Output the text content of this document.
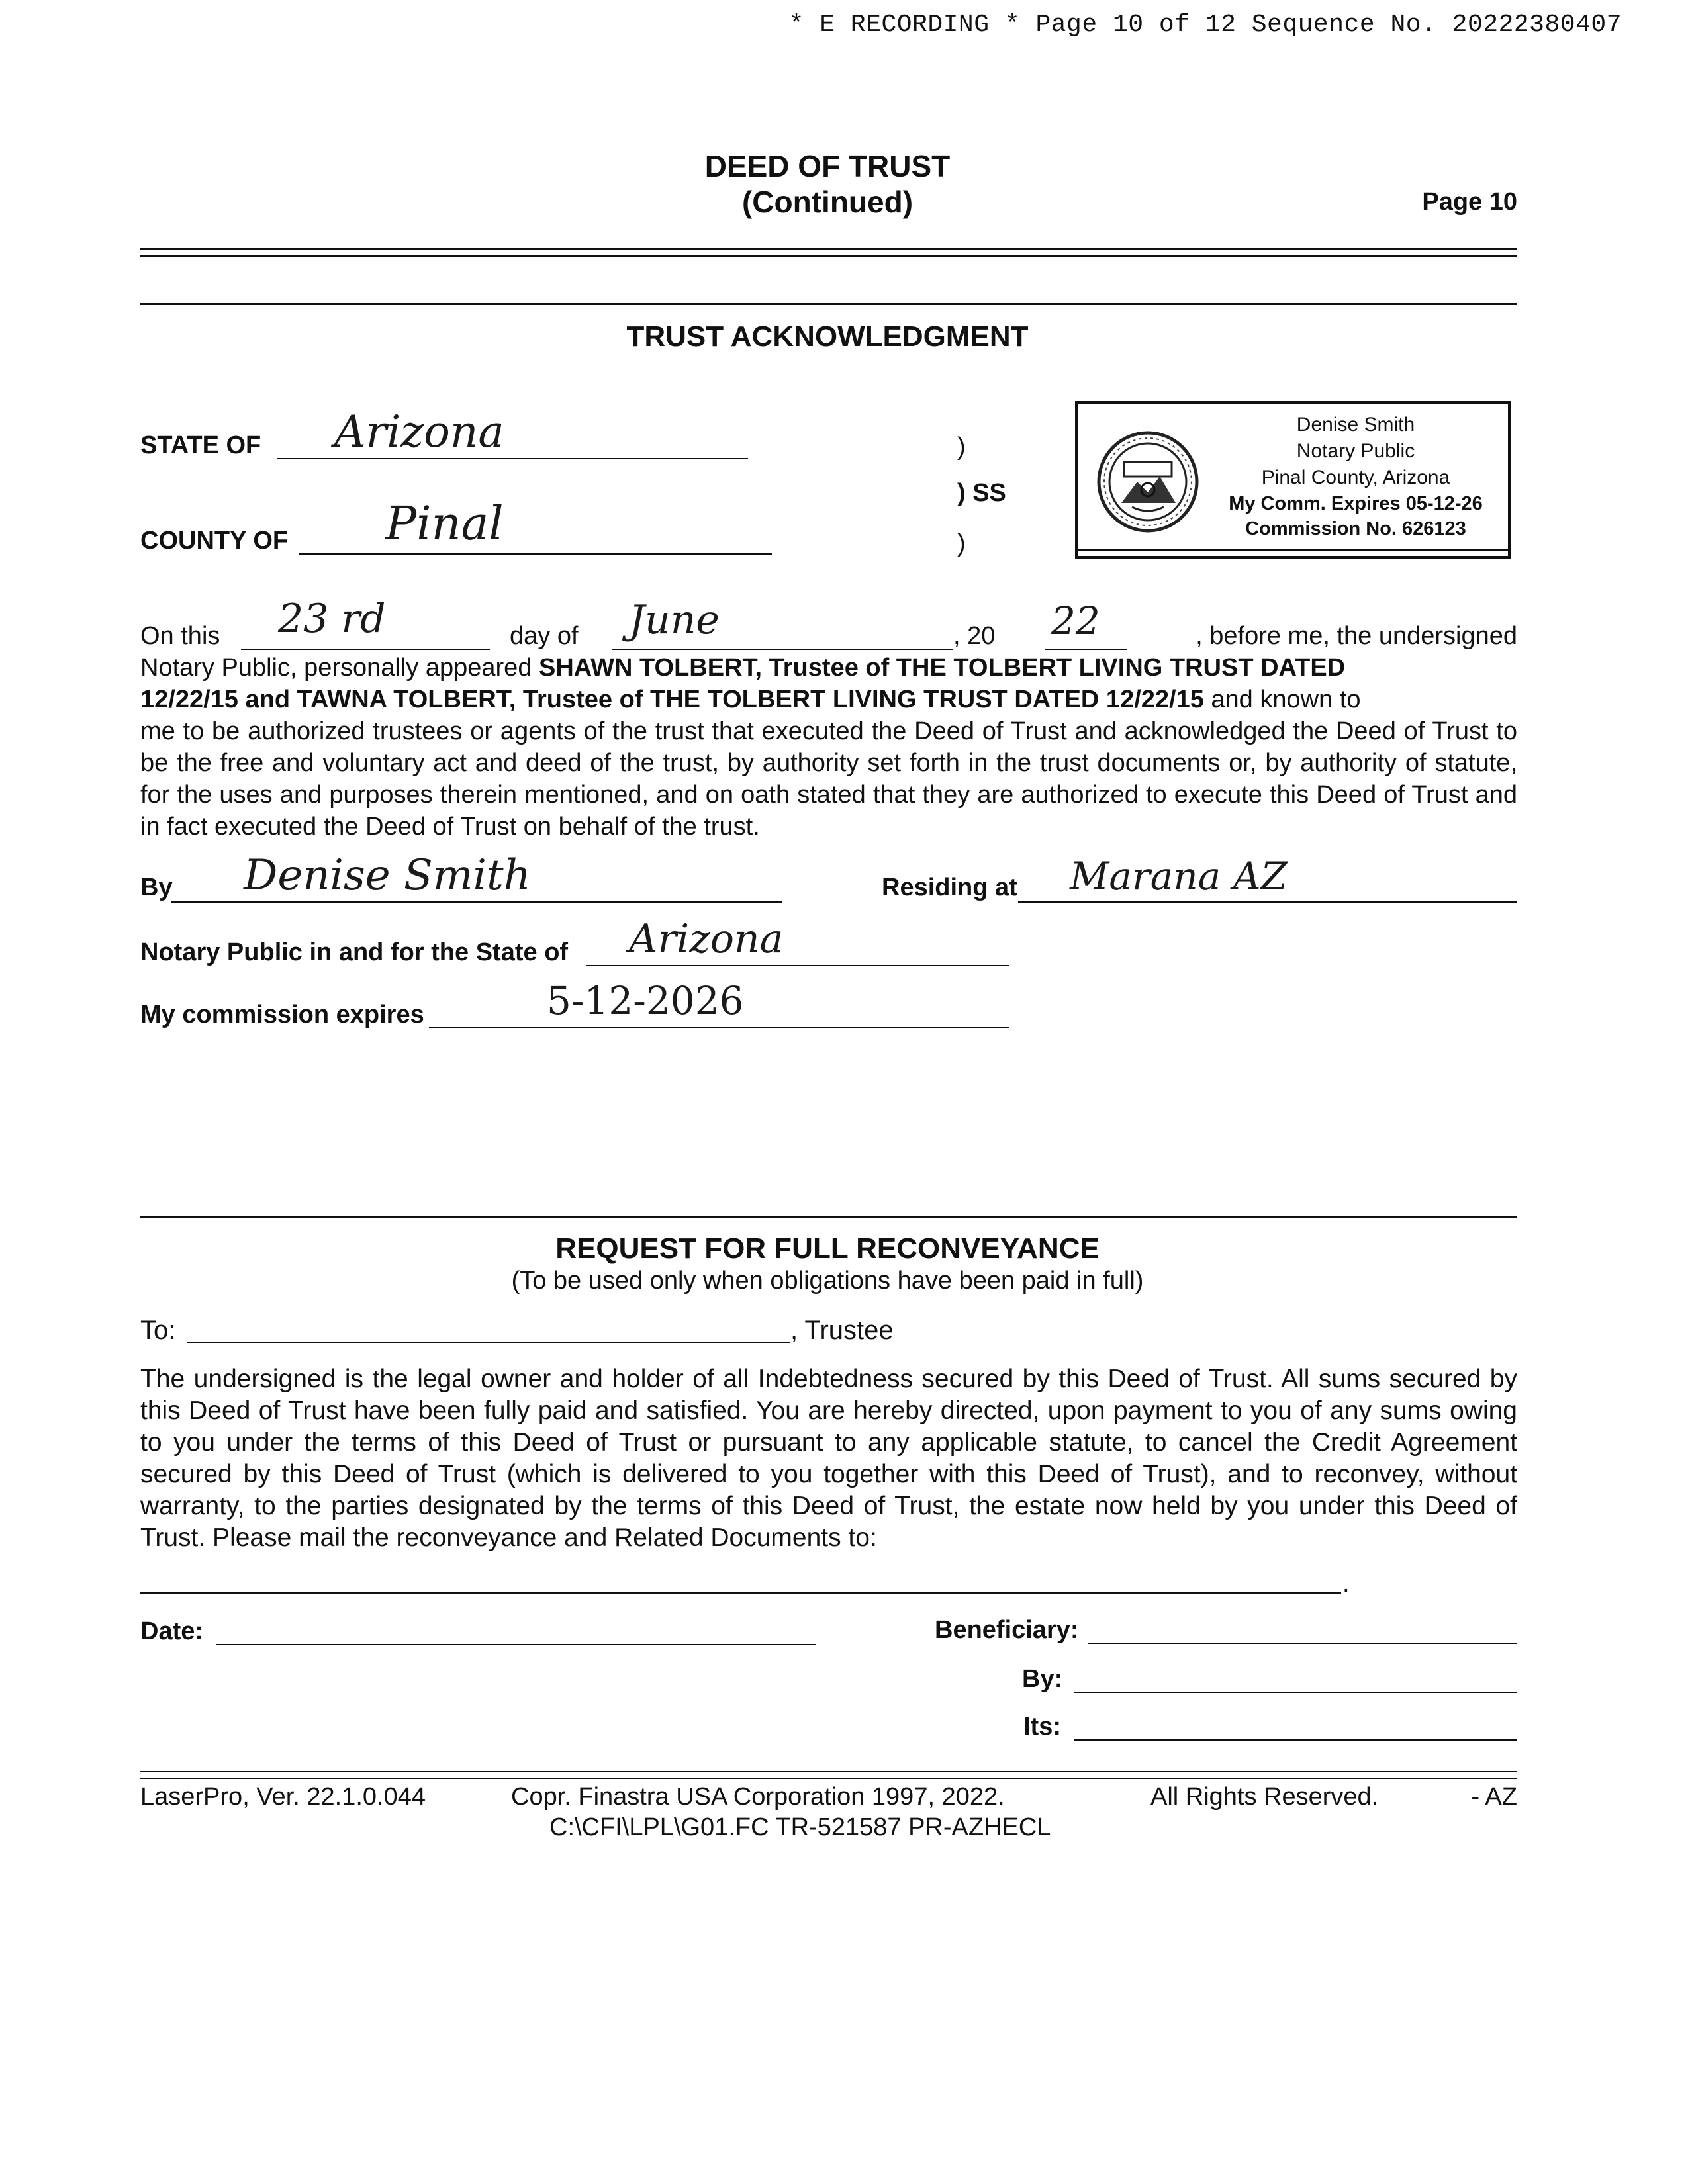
* E RECORDING * Page 10 of 12 Sequence No. 20222380407
DEED OF TRUST
(Continued)	Page 10
TRUST ACKNOWLEDGMENT
STATE OF Arizona
COUNTY OF Pinal
)
) SS
)
Denise Smith
Notary Public
Pinal County, Arizona
My Comm. Expires 05-12-26
Commission No. 626123
On this 23 rd	day of June	, 20 22	, before me, the undersigned
Notary Public, personally appeared SHAWN TOLBERT, Trustee of THE TOLBERT LIVING TRUST DATED
12/22/15 and TAWNA TOLBERT, Trustee of THE TOLBERT LIVING TRUST DATED 12/22/15 and known to
me to be authorized trustees or agents of the trust that executed the Deed of Trust and acknowledged the Deed of Trust to be the free and voluntary act and deed of the trust, by authority set forth in the trust documents or, by authority of statute, for the uses and purposes therein mentioned, and on oath stated that they are authorized to execute this Deed of Trust and in fact executed the Deed of Trust on behalf of the trust.
By Denise Smith	Residing at Marana AZ
Notary Public in and for the State of Arizona
My commission expires	5-12-2026
REQUEST FOR FULL RECONVEYANCE
(To be used only when obligations have been paid in full)
To:	, Trustee
The undersigned is the legal owner and holder of all Indebtedness secured by this Deed of Trust. All sums secured by this Deed of Trust have been fully paid and satisfied. You are hereby directed, upon payment to you of any sums owing to you under the terms of this Deed of Trust or pursuant to any applicable statute, to cancel the Credit Agreement secured by this Deed of Trust (which is delivered to you together with this Deed of Trust), and to reconvey, without warranty, to the parties designated by the terms of this Deed of Trust, the estate now held by you under this Deed of Trust. Please mail the reconveyance and Related Documents to:
.
Date:	Beneficiary:
By:
Its:
LaserPro, Ver. 22.1.0.044	Copr. Finastra USA Corporation 1997, 2022.	All Rights Reserved.	- AZ
C:\CFI\LPL\G01.FC TR-521587 PR-AZHECL
